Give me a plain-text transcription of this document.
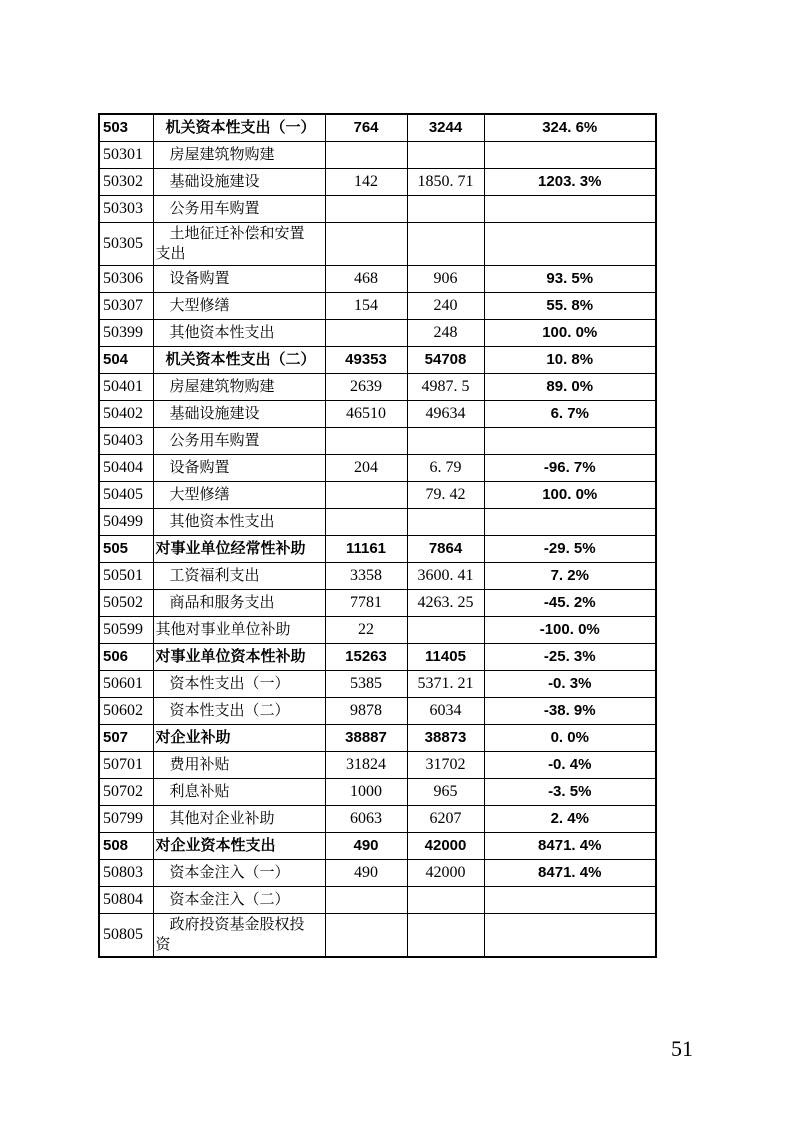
503	机关资本性支出（一）	764	3244	324. 6%
50301	房屋建筑物购建			
50302	基础设施建设	142	1850. 71	1203. 3%
50303	公务用车购置			
50305	土地征迁补偿和安置支出			
50306	设备购置	468	906	93. 5%
50307	大型修缮	154	240	55. 8%
50399	其他资本性支出		248	100. 0%
504	机关资本性支出（二）	49353	54708	10. 8%
50401	房屋建筑物购建	2639	4987. 5	89. 0%
50402	基础设施建设	46510	49634	6. 7%
50403	公务用车购置			
50404	设备购置	204	6. 79	-96. 7%
50405	大型修缮		79. 42	100. 0%
50499	其他资本性支出			
505	对事业单位经常性补助	11161	7864	-29. 5%
50501	工资福利支出	3358	3600. 41	7. 2%
50502	商品和服务支出	7781	4263. 25	-45. 2%
50599	其他对事业单位补助	22		-100. 0%
506	对事业单位资本性补助	15263	11405	-25. 3%
50601	资本性支出（一）	5385	5371. 21	-0. 3%
50602	资本性支出（二）	9878	6034	-38. 9%
507	对企业补助	38887	38873	0. 0%
50701	费用补贴	31824	31702	-0. 4%
50702	利息补贴	1000	965	-3. 5%
50799	其他对企业补助	6063	6207	2. 4%
508	对企业资本性支出	490	42000	8471. 4%
50803	资本金注入（一）	490	42000	8471. 4%
50804	资本金注入（二）			
50805	政府投资基金股权投资			
51
